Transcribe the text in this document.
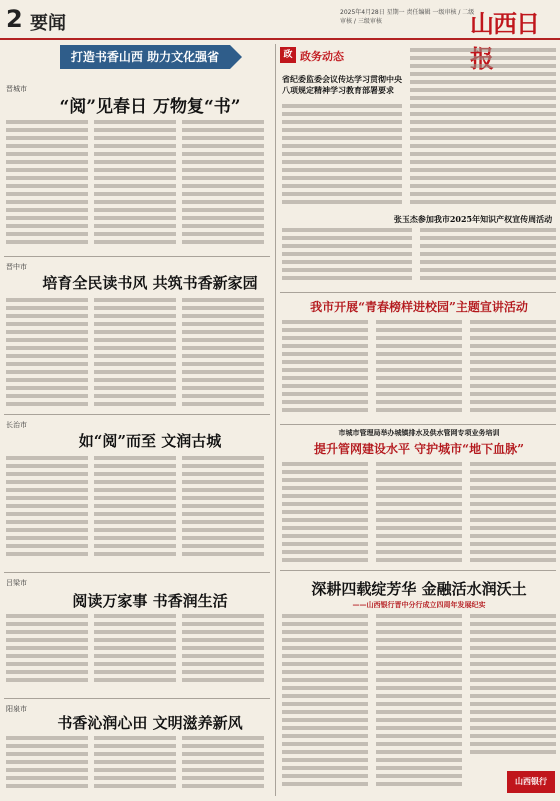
2 要闻
2025年4月28日 星期一 责任编辑 一级审核 / 二级审核 / 三级审核	山西日报
打造书香山西 助力文化强省
晋城市
“阅”见春日 万物复“书”
晋中市
培育全民读书风 共筑书香新家园
长治市
如“阅”而至 文润古城
吕梁市
阅读万家事 书香润生活
阳泉市
书香沁润心田 文明滋养新风
政 政务动态
省纪委监委会议传达学习贯彻中央八项规定精神学习教育部署要求
张玉杰参加我市2025年知识产权宣传周活动
我市开展“青春榜样进校园”主题宣讲活动
市城市管理局举办城镇排水及供水管网专项业务培训
提升管网建设水平 守护城市“地下血脉”
深耕四载绽芳华 金融活水润沃土
——山西银行晋中分行成立四周年发展纪实
山西银行
